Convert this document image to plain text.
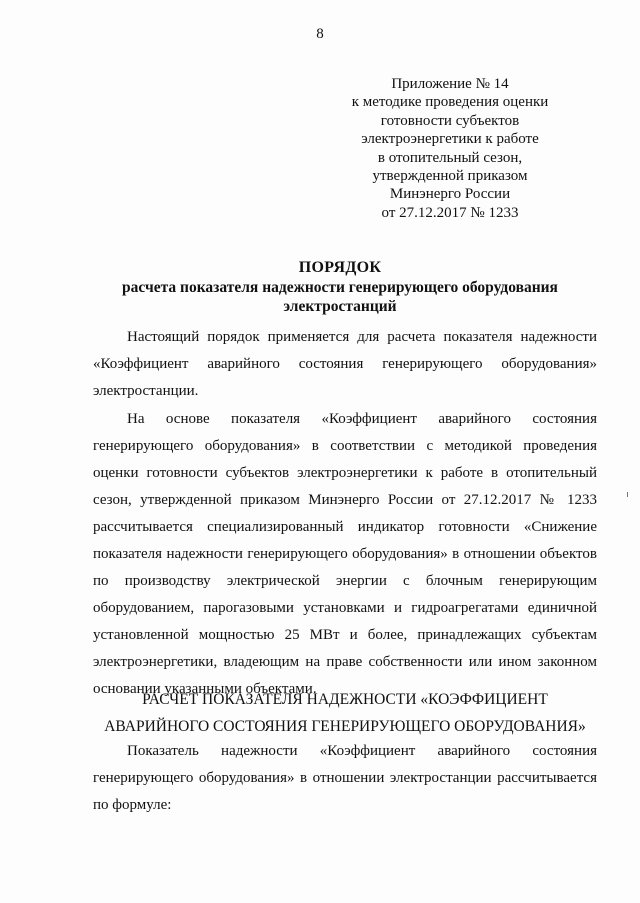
8
Приложение № 14
к методике проведения оценки
готовности субъектов
электроэнергетики к работе
в отопительный сезон,
утвержденной приказом
Минэнерго России
от 27.12.2017 № 1233
ПОРЯДОК
расчета показателя надежности генерирующего оборудования
электростанций
Настоящий порядок применяется для расчета показателя надежности
«Коэффициент аварийного состояния генерирующего оборудования»
электростанции.
На основе показателя «Коэффициент аварийного состояния
генерирующего оборудования» в соответствии с методикой проведения
оценки готовности субъектов электроэнергетики к работе в отопительный
сезон, утвержденной приказом Минэнерго России от 27.12.2017 № 1233
рассчитывается специализированный индикатор готовности «Снижение
показателя надежности генерирующего оборудования» в отношении объектов
по производству электрической энергии с блочным генерирующим
оборудованием, парогазовыми установками и гидроагрегатами единичной
установленной мощностью 25 МВт и более, принадлежащих субъектам
электроэнергетики, владеющим на праве собственности или ином законном
основании указанными объектами.
РАСЧЕТ ПОКАЗАТЕЛЯ НАДЕЖНОСТИ «КОЭФФИЦИЕНТ
АВАРИЙНОГО СОСТОЯНИЯ ГЕНЕРИРУЮЩЕГО ОБОРУДОВАНИЯ»
Показатель надежности «Коэффициент аварийного состояния
генерирующего оборудования» в отношении электростанции рассчитывается
по формуле:
